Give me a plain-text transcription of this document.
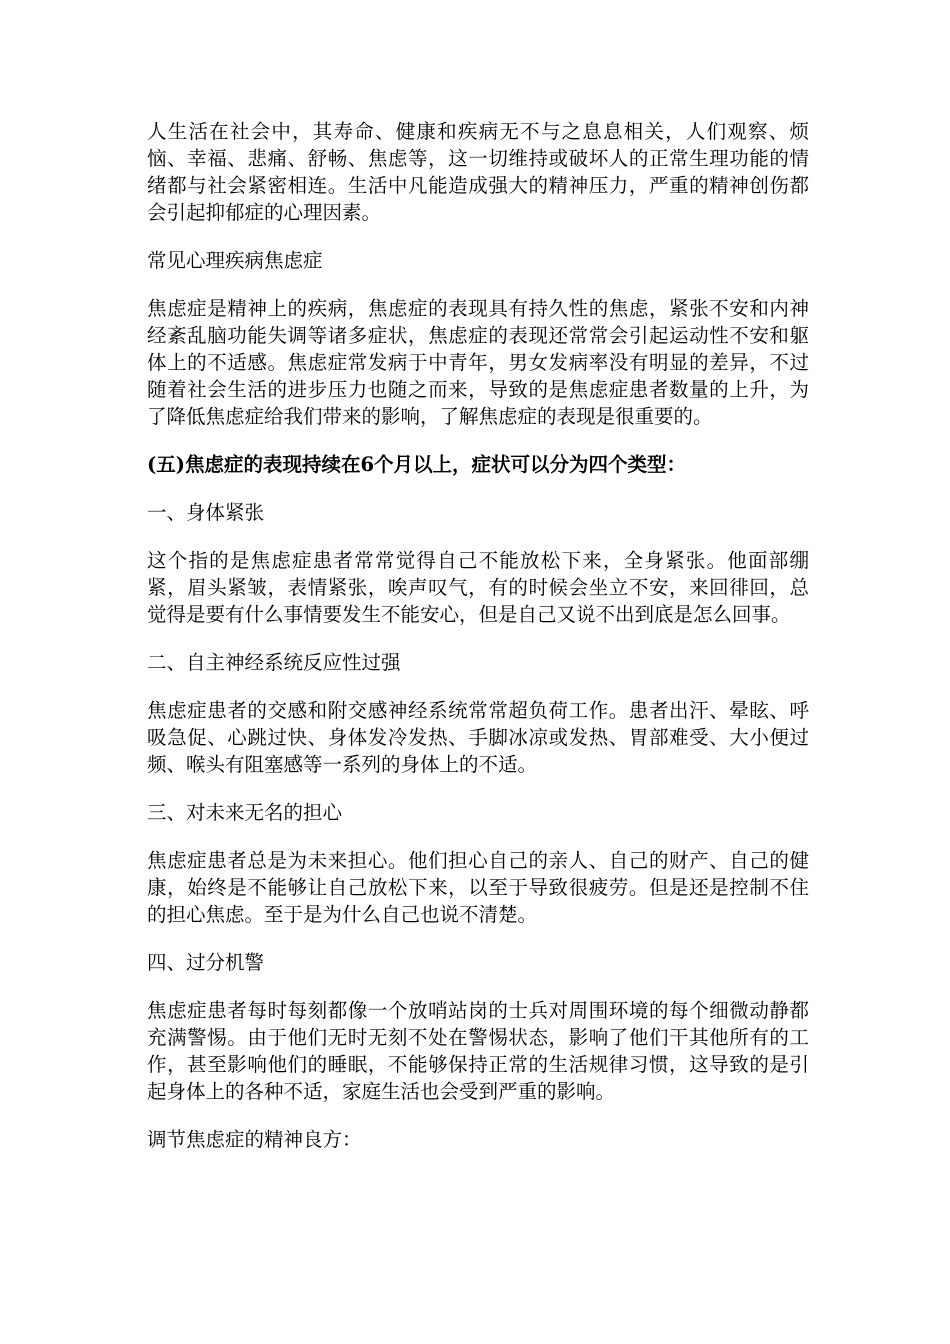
人生活在社会中，其寿命、健康和疾病无不与之息息相关，人们观察、烦恼、幸福、悲痛、舒畅、焦虑等，这一切维持或破坏人的正常生理功能的情绪都与社会紧密相连。生活中凡能造成强大的精神压力，严重的精神创伤都会引起抑郁症的心理因素。

常见心理疾病焦虑症

焦虑症是精神上的疾病，焦虑症的表现具有持久性的焦虑，紧张不安和内神经紊乱脑功能失调等诸多症状，焦虑症的表现还常常会引起运动性不安和躯体上的不适感。焦虑症常发病于中青年，男女发病率没有明显的差异，不过随着社会生活的进步压力也随之而来，导致的是焦虑症患者数量的上升，为了降低焦虑症给我们带来的影响，了解焦虑症的表现是很重要的。

(五)焦虑症的表现持续在6个月以上，症状可以分为四个类型：

一、身体紧张

这个指的是焦虑症患者常常觉得自己不能放松下来，全身紧张。他面部绷紧，眉头紧皱，表情紧张，唉声叹气，有的时候会坐立不安，来回徘回，总觉得是要有什么事情要发生不能安心，但是自己又说不出到底是怎么回事。

二、自主神经系统反应性过强

焦虑症患者的交感和附交感神经系统常常超负荷工作。患者出汗、晕眩、呼吸急促、心跳过快、身体发冷发热、手脚冰凉或发热、胃部难受、大小便过频、喉头有阻塞感等一系列的身体上的不适。

三、对未来无名的担心

焦虑症患者总是为未来担心。他们担心自己的亲人、自己的财产、自己的健康，始终是不能够让自己放松下来，以至于导致很疲劳。但是还是控制不住的担心焦虑。至于是为什么自己也说不清楚。

四、过分机警

焦虑症患者每时每刻都像一个放哨站岗的士兵对周围环境的每个细微动静都充满警惕。由于他们无时无刻不处在警惕状态，影响了他们干其他所有的工作，甚至影响他们的睡眠，不能够保持正常的生活规律习惯，这导致的是引起身体上的各种不适，家庭生活也会受到严重的影响。

调节焦虑症的精神良方：
